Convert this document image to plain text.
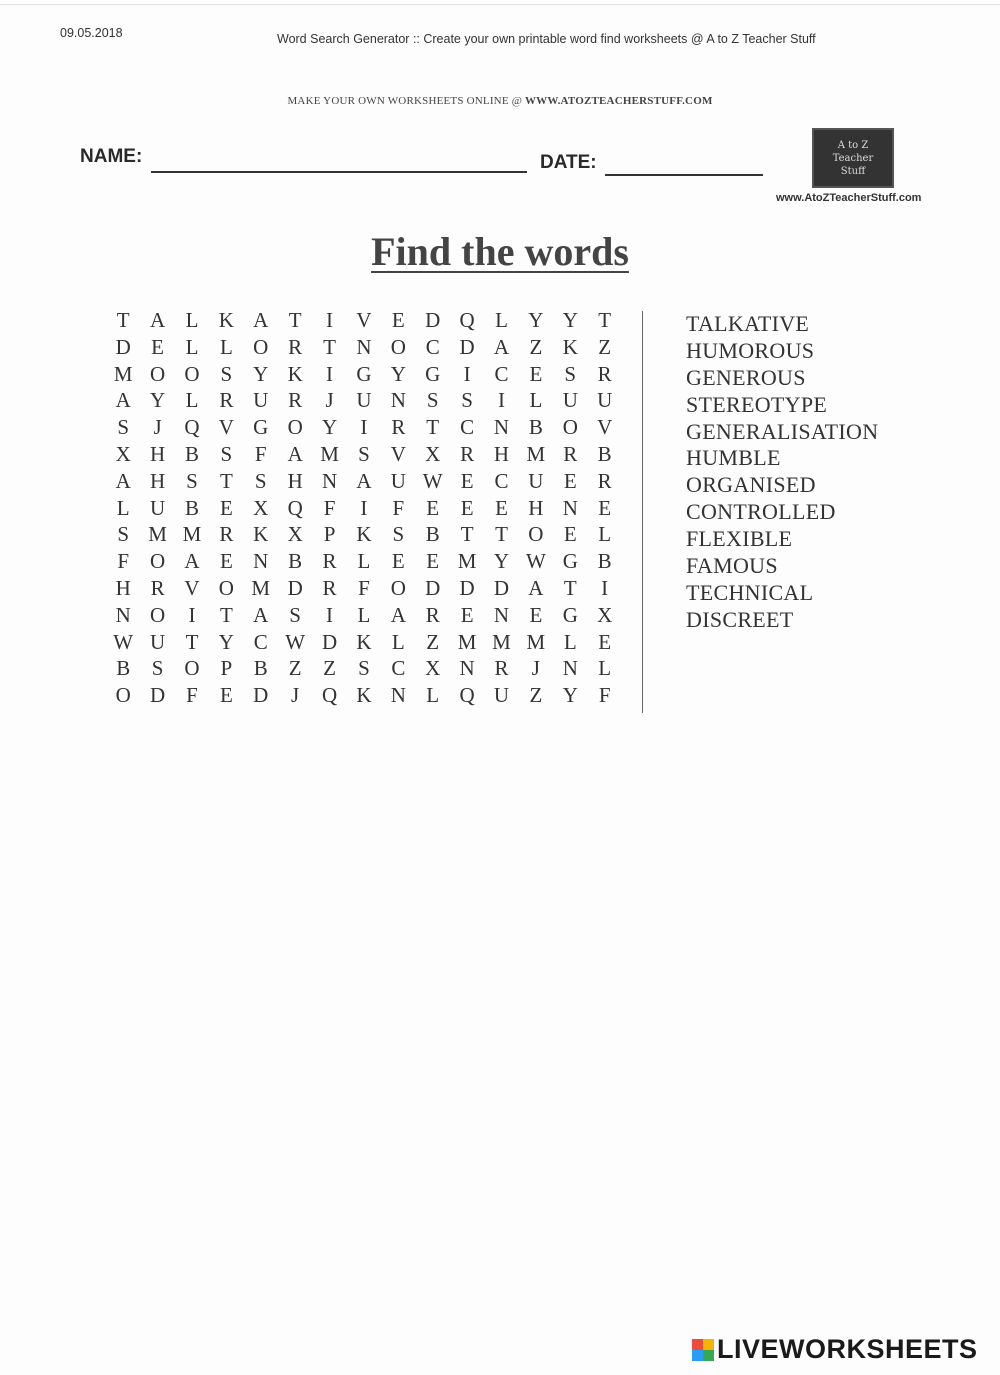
09.05.2018	Word Search Generator :: Create your own printable word find worksheets @ A to Z Teacher Stuff
MAKE YOUR OWN WORKSHEETS ONLINE @ WWW.ATOZTEACHERSTUFF.COM
NAME:	DATE:
A to Z
Teacher
Stuff
www.AtoZTeacherStuff.com
Find the words
T A L K A T	I	V E D Q L Y Y T
D E	L	L O R T N O C D A Z K Z
M O O S Y K	I	G Y G	I	C E	S	R
A Y L R U R	J	U N S	S	I	L U U
S	J	Q V G O Y	I	R T C N B O V
X H B	S	F A M S V X R H M R B
A H S	T	S H N A U W E C U E R
L U B E X Q F	I	F	E	E	E H N E
S M M R K X P K S	B T	T O E	L
F O A E N B R L	E	E M Y W G B
H R V O M D R	F O D D D A T	I
N O	I	T A S	I	L A R E N E G X
W U T Y C W D K L	Z M M M L	E
B	S O P	B Z	Z	S	C X N R	J	N L
O D F	E D	J	Q K N L Q U Z Y F
TALKATIVE
HUMOROUS
GENEROUS
STEREOTYPE
GENERALISATION
HUMBLE
ORGANISED
CONTROLLED
FLEXIBLE
FAMOUS
TECHNICAL
DISCREET
LIVEWORKSHEETS
